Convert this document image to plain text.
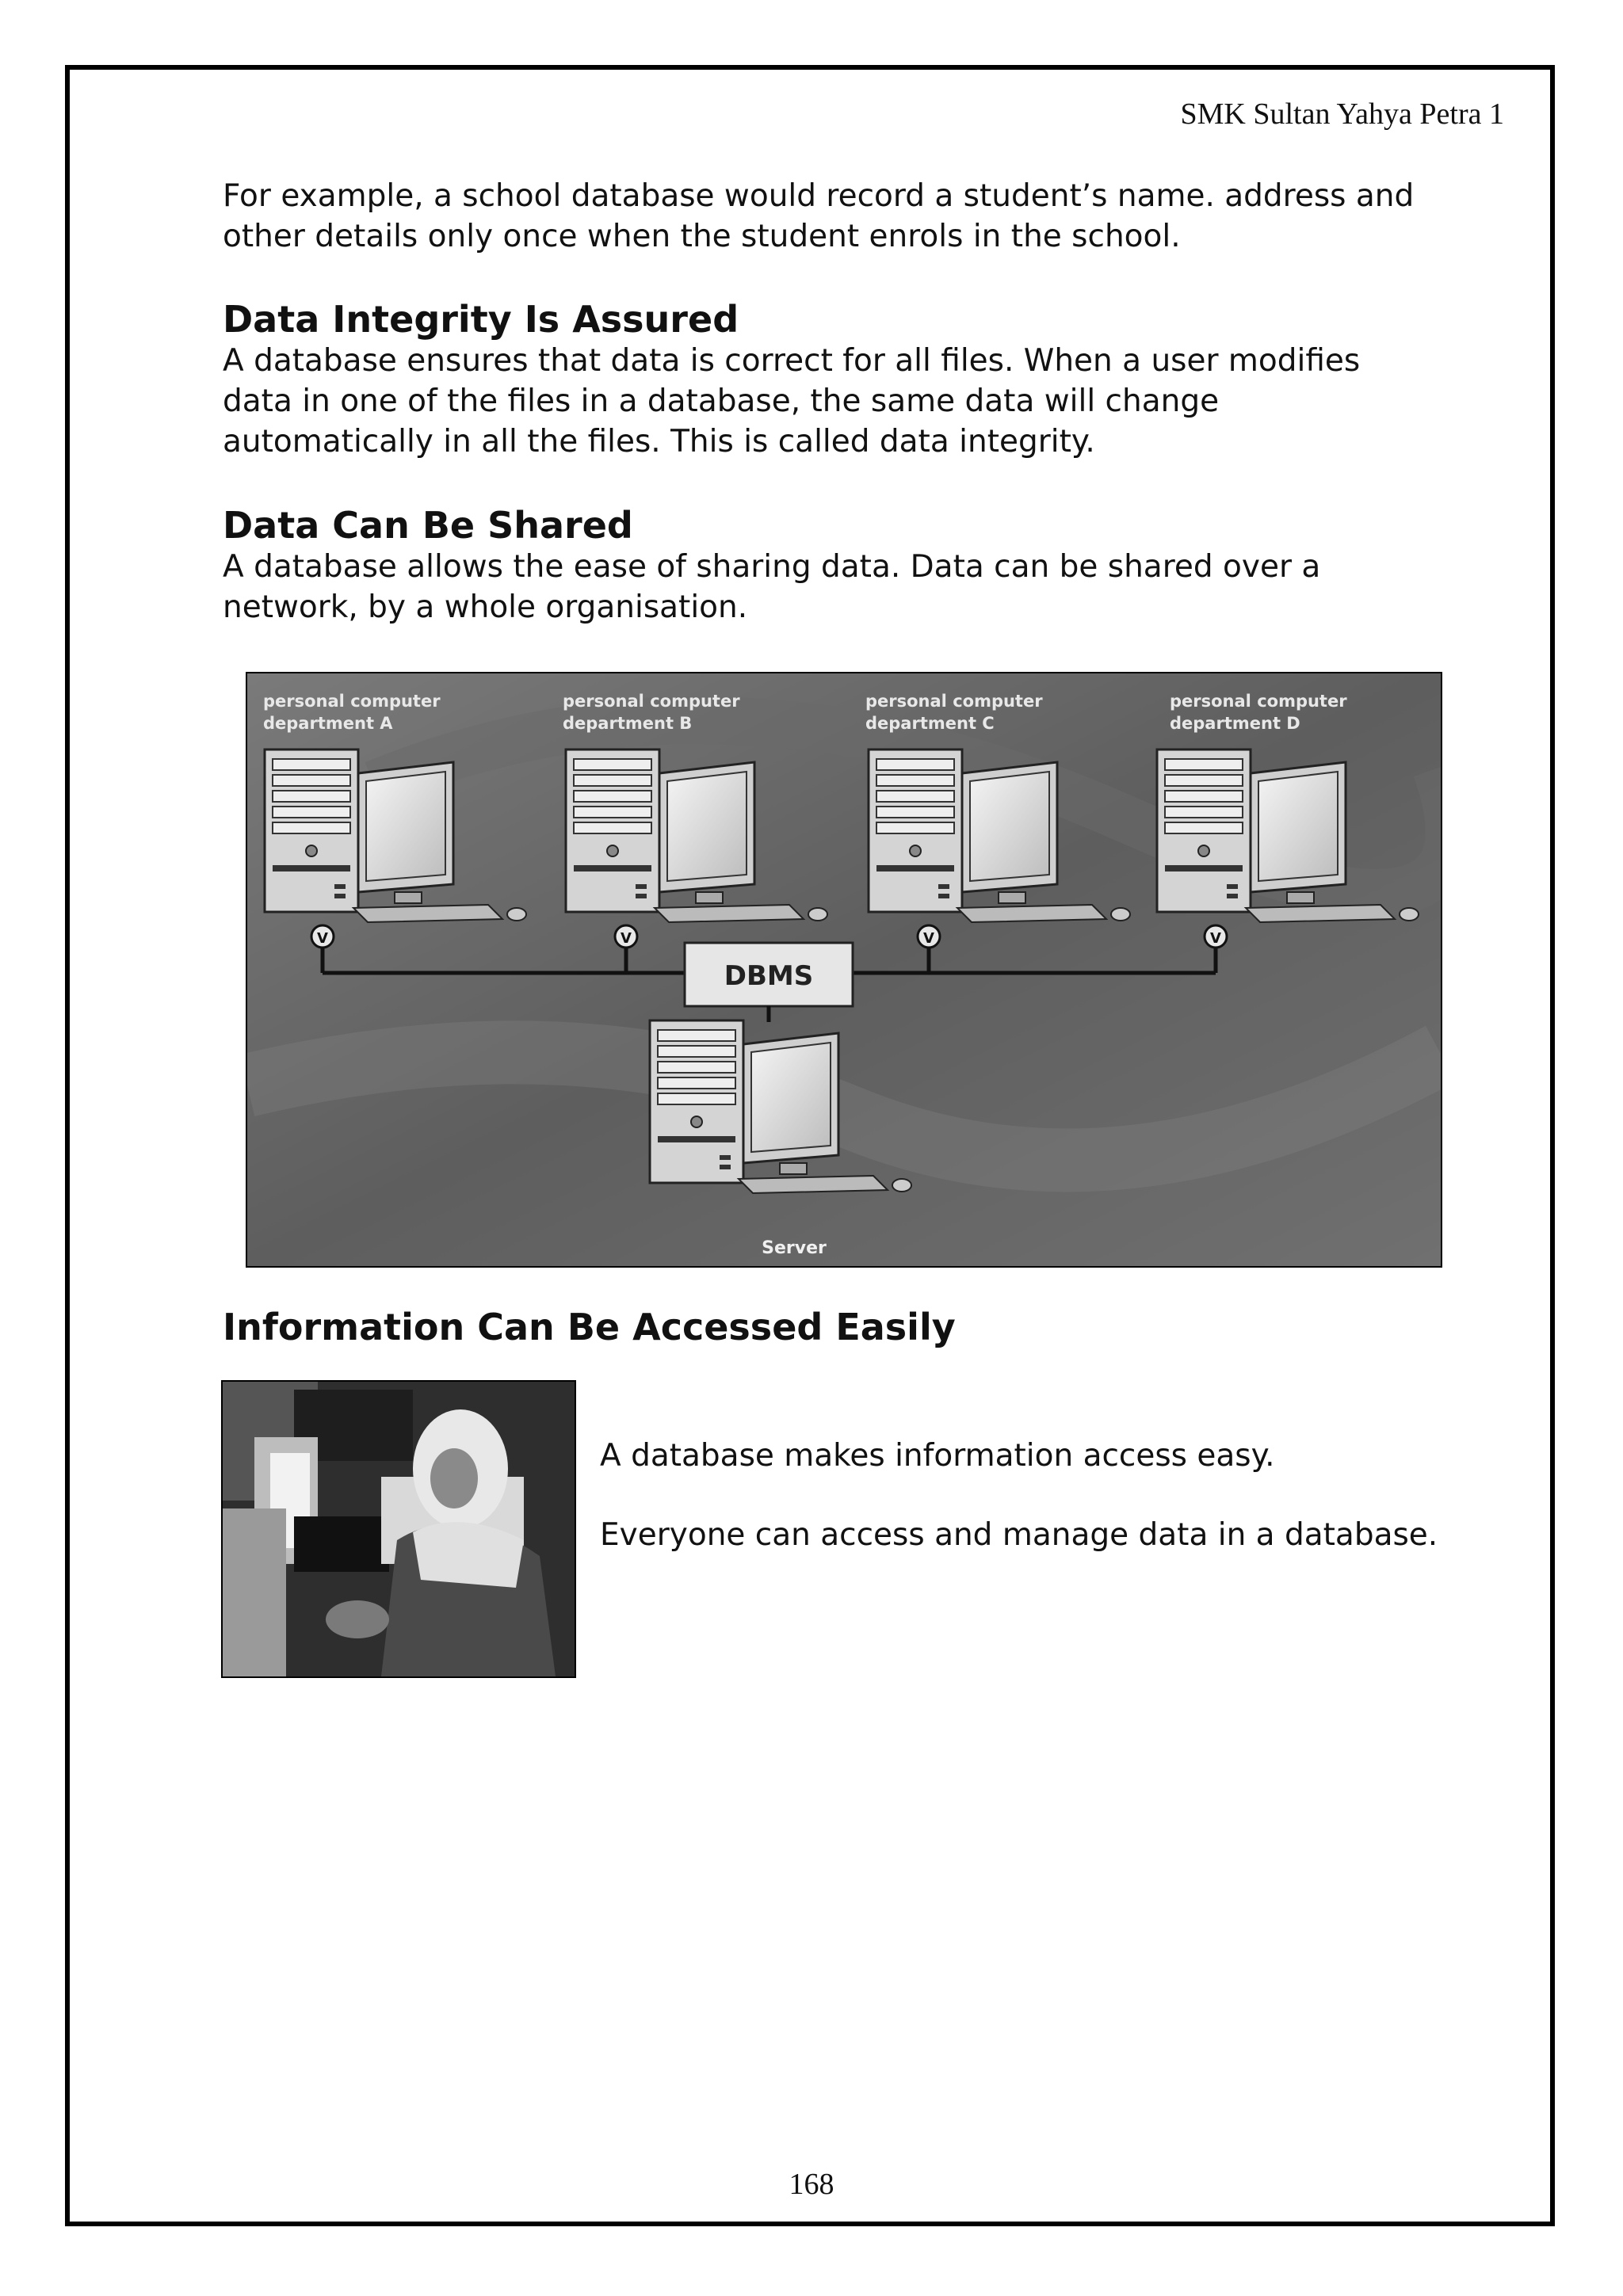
SMK Sultan Yahya Petra 1

For example, a school database would record a student’s name. address and

other details only once when the student enrols in the school.

Data Integrity Is Assured

A database ensures that data is correct for all files. When a user modifies

data in one of the files in a database, the same data will change

automatically in all the files. This is called data integrity.

Data Can Be Shared

A database allows the ease of sharing data. Data can be shared over a

network, by a whole organisation.

personal computer
department A
V
personal computer
department B
V
personal computer
department C
V
personal computer
department D
V
DBMS
Server
Information Can Be Accessed Easily

A database makes information access easy.

Everyone can access and manage data in a database.

168
